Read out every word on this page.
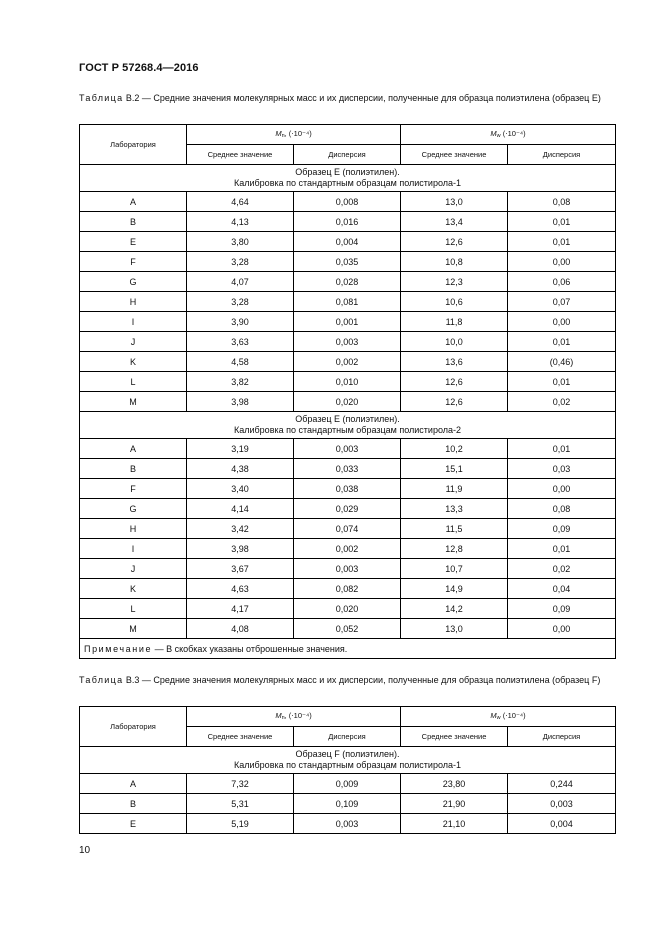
ГОСТ Р 57268.4—2016
Таблица В.2 — Средние значения молекулярных масс и их дисперсии, полученные для образца полиэтилена (образец E)
Лаборатория	Mn, (⋅10⁻⁴)		Mw (⋅10⁻⁴)	
	Среднее значение	Дисперсия	Среднее значение	Дисперсия
Образец E (полиэтилен).
Калибровка по стандартным образцам полистирола-1				
A	4,64	0,008	13,0	0,08
B	4,13	0,016	13,4	0,01
E	3,80	0,004	12,6	0,01
F	3,28	0,035	10,8	0,00
G	4,07	0,028	12,3	0,06
H	3,28	0,081	10,6	0,07
I	3,90	0,001	11,8	0,00
J	3,63	0,003	10,0	0,01
K	4,58	0,002	13,6	(0,46)
L	3,82	0,010	12,6	0,01
M	3,98	0,020	12,6	0,02
Образец E (полиэтилен).
Калибровка по стандартным образцам полистирола-2				
A	3,19	0,003	10,2	0,01
B	4,38	0,033	15,1	0,03
F	3,40	0,038	11,9	0,00
G	4,14	0,029	13,3	0,08
H	3,42	0,074	11,5	0,09
I	3,98	0,002	12,8	0,01
J	3,67	0,003	10,7	0,02
K	4,63	0,082	14,9	0,04
L	4,17	0,020	14,2	0,09
M	4,08	0,052	13,0	0,00
Примечание — В скобках указаны отброшенные значения.				
Таблица В.3 — Средние значения молекулярных масс и их дисперсии, полученные для образца полиэтилена (образец F)
Лаборатория	Mn, (⋅10⁻⁴)		Mw (⋅10⁻⁴)	
	Среднее значение	Дисперсия	Среднее значение	Дисперсия
Образец F (полиэтилен).
Калибровка по стандартным образцам полистирола-1				
A	7,32	0,009	23,80	0,244
B	5,31	0,109	21,90	0,003
E	5,19	0,003	21,10	0,004
10
